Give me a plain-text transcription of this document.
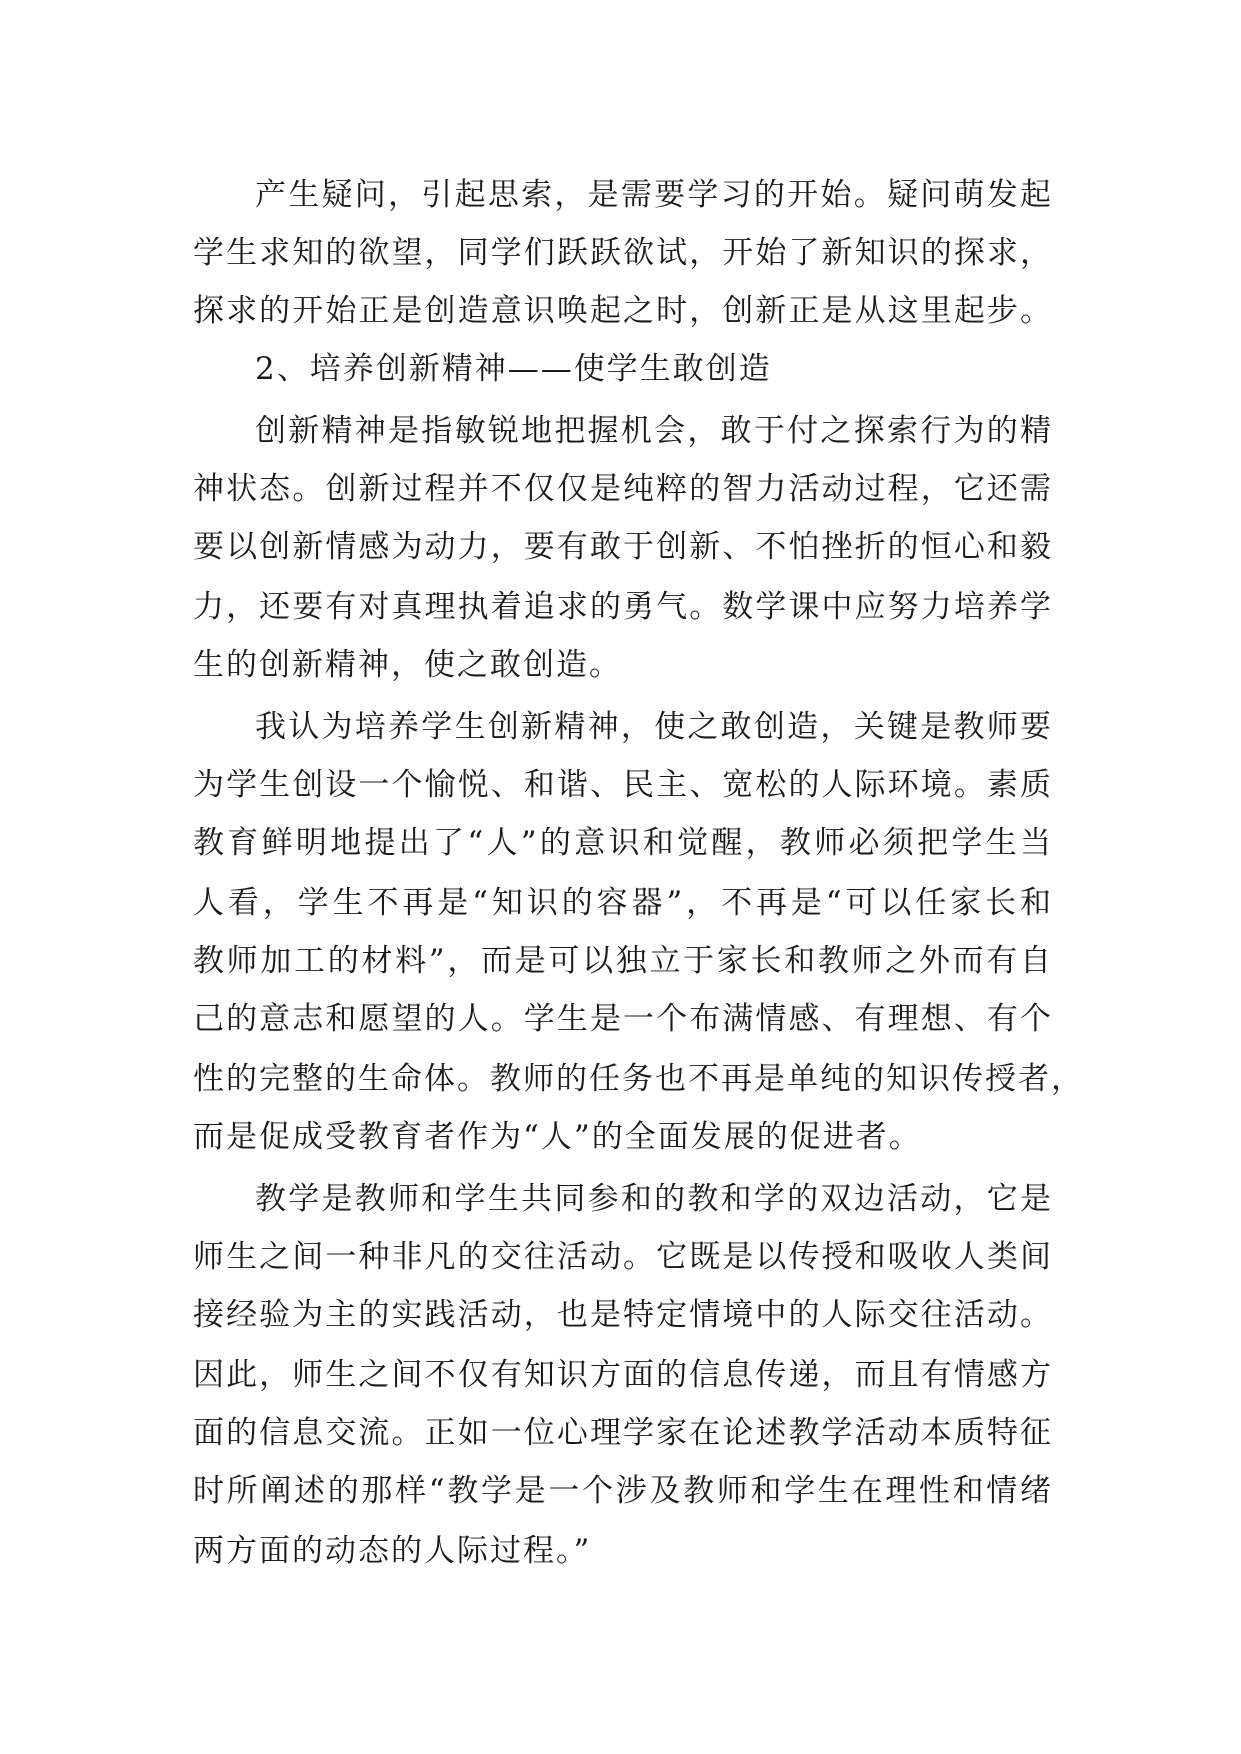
产生疑问，引起思索，是需要学习的开始。疑问萌发起
学生求知的欲望，同学们跃跃欲试，开始了新知识的探求，
探求的开始正是创造意识唤起之时，创新正是从这里起步。
2、培养创新精神——使学生敢创造
创新精神是指敏锐地把握机会，敢于付之探索行为的精
神状态。创新过程并不仅仅是纯粹的智力活动过程，它还需
要以创新情感为动力，要有敢于创新、不怕挫折的恒心和毅
力，还要有对真理执着追求的勇气。数学课中应努力培养学
生的创新精神，使之敢创造。
我认为培养学生创新精神，使之敢创造，关键是教师要
为学生创设一个愉悦、和谐、民主、宽松的人际环境。素质
教育鲜明地提出了“人”的意识和觉醒，教师必须把学生当
人看，学生不再是“知识的容器”，不再是“可以任家长和
教师加工的材料”，而是可以独立于家长和教师之外而有自
己的意志和愿望的人。学生是一个布满情感、有理想、有个
性的完整的生命体。教师的任务也不再是单纯的知识传授者，
而是促成受教育者作为“人”的全面发展的促进者。
教学是教师和学生共同参和的教和学的双边活动，它是
师生之间一种非凡的交往活动。它既是以传授和吸收人类间
接经验为主的实践活动，也是特定情境中的人际交往活动。
因此，师生之间不仅有知识方面的信息传递，而且有情感方
面的信息交流。正如一位心理学家在论述教学活动本质特征
时所阐述的那样“教学是一个涉及教师和学生在理性和情绪
两方面的动态的人际过程。”
